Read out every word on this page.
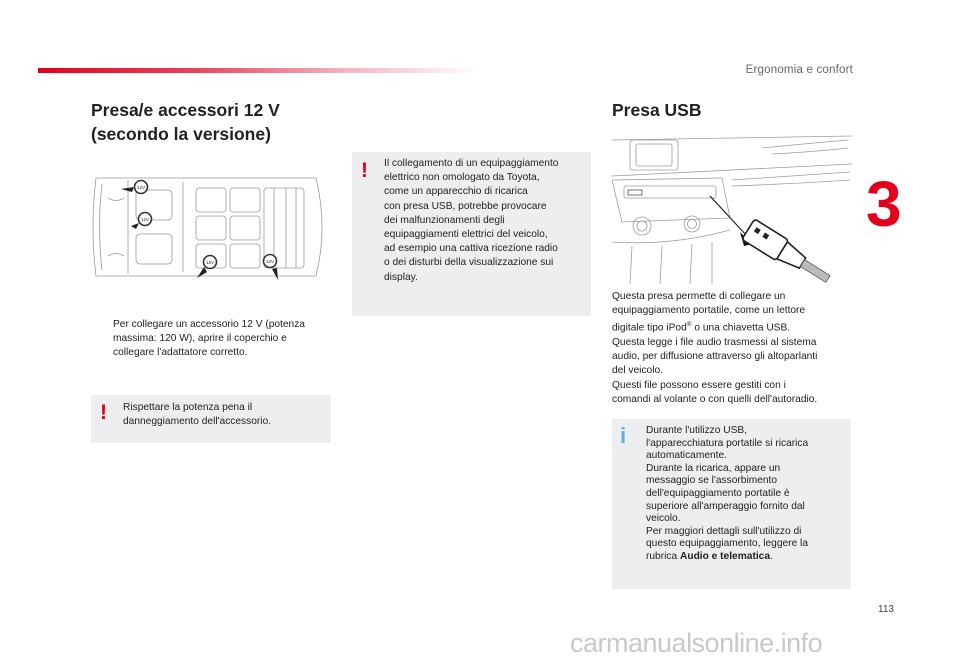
Ergonomia e confort
3
Presa/e accessori 12 V
(secondo la versione)
12V
12V
12V	12V
Per collegare un accessorio 12 V (potenza
massima: 120 W), aprire il coperchio e
collegare l'adattatore corretto.
! Rispettare la potenza pena il
danneggiamento dell'accessorio.
! Il collegamento di un equipaggiamento
elettrico non omologato da Toyota,
come un apparecchio di ricarica
con presa USB, potrebbe provocare
dei malfunzionamenti degli
equipaggiamenti elettrici del veicolo,
ad esempio una cattiva ricezione radio
o dei disturbi della visualizzazione sui
display.
Presa USB
Questa presa permette di collegare un
equipaggiamento portatile, come un lettore
digitale tipo iPod® o una chiavetta USB.
Questa legge i file audio trasmessi al sistema
audio, per diffusione attraverso gli altoparlanti
del veicolo.
Questi file possono essere gestiti con i
comandi al volante o con quelli dell'autoradio.
i Durante l'utilizzo USB,
l'apparecchiatura portatile si ricarica
automaticamente.
Durante la ricarica, appare un
messaggio se l'assorbimento
dell'equipaggiamento portatile è
superiore all'amperaggio fornito dal
veicolo.
Per maggiori dettagli sull'utilizzo di
questo equipaggiamento, leggere la
rubrica Audio e telematica.
113
carmanualsonline.info
